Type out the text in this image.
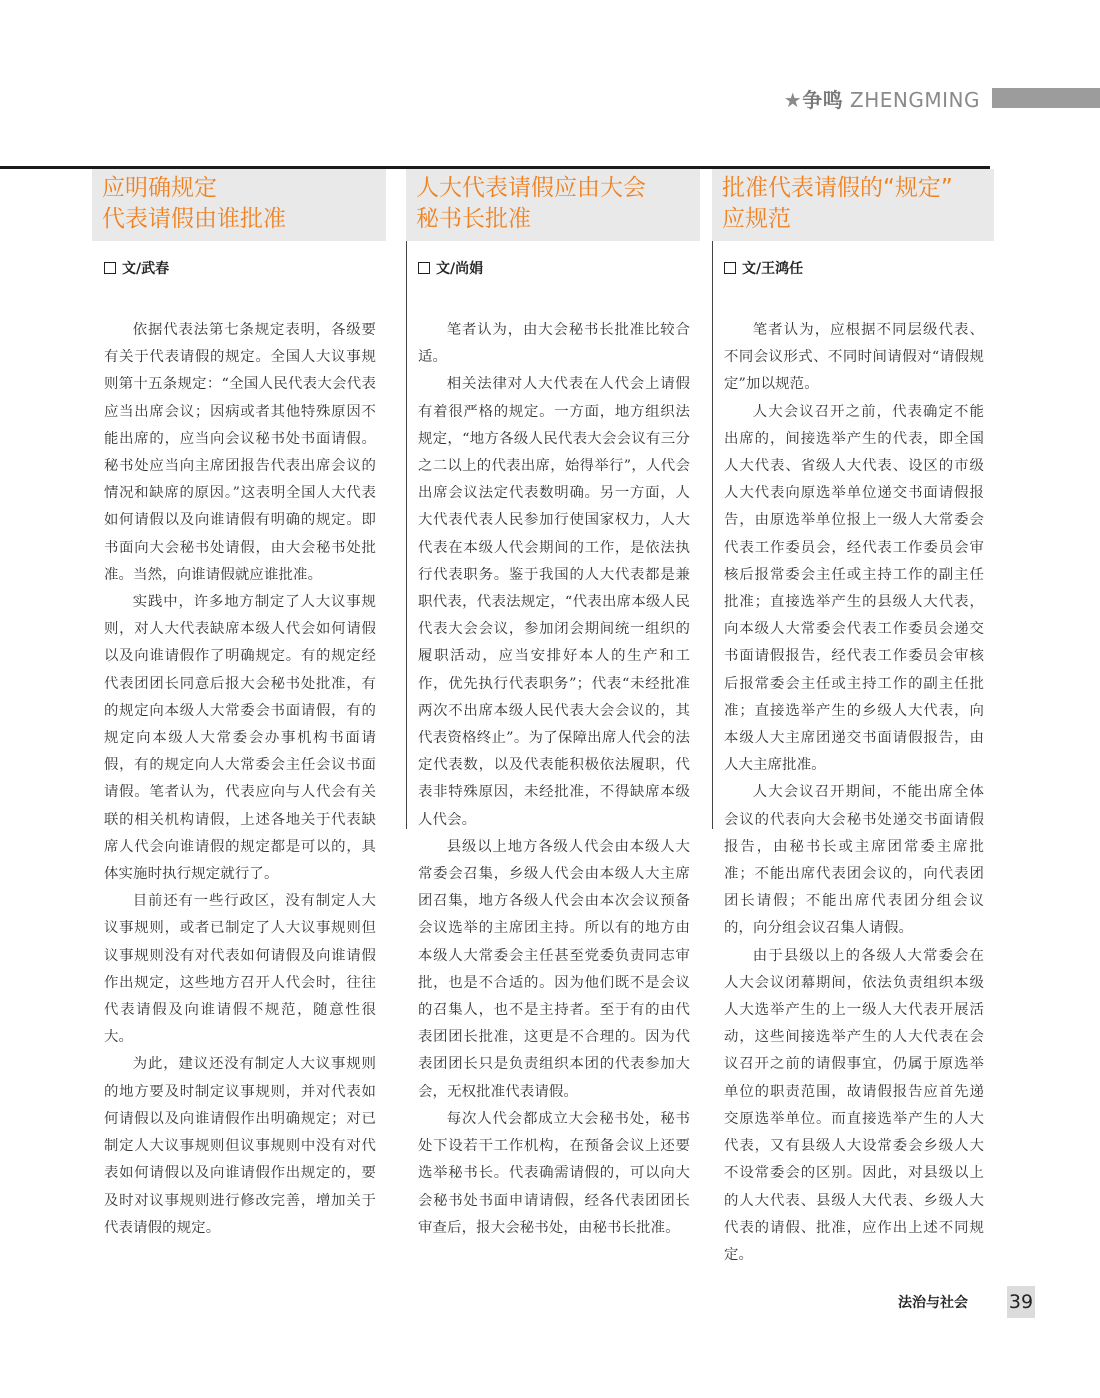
★争鸣 ZHENGMING
应明确规定
代表请假由谁批准
文/武春

依据代表法第七条规定表明，各级要有关于代表请假的规定。全国人大议事规则第十五条规定：“全国人民代表大会代表应当出席会议；因病或者其他特殊原因不能出席的，应当向会议秘书处书面请假。秘书处应当向主席团报告代表出席会议的情况和缺席的原因。”这表明全国人大代表如何请假以及向谁请假有明确的规定。即书面向大会秘书处请假，由大会秘书处批准。当然，向谁请假就应谁批准。

实践中，许多地方制定了人大议事规则，对人大代表缺席本级人代会如何请假以及向谁请假作了明确规定。有的规定经代表团团长同意后报大会秘书处批准，有的规定向本级人大常委会书面请假，有的规定向本级人大常委会办事机构书面请假，有的规定向人大常委会主任会议书面请假。笔者认为，代表应向与人代会有关联的相关机构请假，上述各地关于代表缺席人代会向谁请假的规定都是可以的，具体实施时执行规定就行了。

目前还有一些行政区，没有制定人大议事规则，或者已制定了人大议事规则但议事规则没有对代表如何请假及向谁请假作出规定，这些地方召开人代会时，往往代表请假及向谁请假不规范，随意性很大。

为此，建议还没有制定人大议事规则的地方要及时制定议事规则，并对代表如何请假以及向谁请假作出明确规定；对已制定人大议事规则但议事规则中没有对代表如何请假以及向谁请假作出规定的，要及时对议事规则进行修改完善，增加关于代表请假的规定。

人大代表请假应由大会
秘书长批准
文/尚娟

笔者认为，由大会秘书长批准比较合适。

相关法律对人大代表在人代会上请假有着很严格的规定。一方面，地方组织法规定，“地方各级人民代表大会会议有三分之二以上的代表出席，始得举行”，人代会出席会议法定代表数明确。另一方面，人大代表代表人民参加行使国家权力，人大代表在本级人代会期间的工作，是依法执行代表职务。鉴于我国的人大代表都是兼职代表，代表法规定，“代表出席本级人民代表大会会议，参加闭会期间统一组织的履职活动，应当安排好本人的生产和工作，优先执行代表职务”；代表“未经批准两次不出席本级人民代表大会会议的，其代表资格终止”。为了保障出席人代会的法定代表数，以及代表能积极依法履职，代表非特殊原因，未经批准，不得缺席本级人代会。

县级以上地方各级人代会由本级人大常委会召集，乡级人代会由本级人大主席团召集，地方各级人代会由本次会议预备会议选举的主席团主持。所以有的地方由本级人大常委会主任甚至党委负责同志审批，也是不合适的。因为他们既不是会议的召集人，也不是主持者。至于有的由代表团团长批准，这更是不合理的。因为代表团团长只是负责组织本团的代表参加大会，无权批准代表请假。

每次人代会都成立大会秘书处，秘书处下设若干工作机构，在预备会议上还要选举秘书长。代表确需请假的，可以向大会秘书处书面申请请假，经各代表团团长审查后，报大会秘书处，由秘书长批准。

批准代表请假的“规定”
应规范
文/王鸿任

笔者认为，应根据不同层级代表、不同会议形式、不同时间请假对“请假规定”加以规范。

人大会议召开之前，代表确定不能出席的，间接选举产生的代表，即全国人大代表、省级人大代表、设区的市级人大代表向原选举单位递交书面请假报告，由原选举单位报上一级人大常委会代表工作委员会，经代表工作委员会审核后报常委会主任或主持工作的副主任批准；直接选举产生的县级人大代表，向本级人大常委会代表工作委员会递交书面请假报告，经代表工作委员会审核后报常委会主任或主持工作的副主任批准；直接选举产生的乡级人大代表，向本级人大主席团递交书面请假报告，由人大主席批准。

人大会议召开期间，不能出席全体会议的代表向大会秘书处递交书面请假报告，由秘书长或主席团常委主席批准；不能出席代表团会议的，向代表团团长请假；不能出席代表团分组会议的，向分组会议召集人请假。

由于县级以上的各级人大常委会在人大会议闭幕期间，依法负责组织本级人大选举产生的上一级人大代表开展活动，这些间接选举产生的人大代表在会议召开之前的请假事宜，仍属于原选举单位的职责范围，故请假报告应首先递交原选举单位。而直接选举产生的人大代表，又有县级人大设常委会乡级人大不设常委会的区别。因此，对县级以上的人大代表、县级人大代表、乡级人大代表的请假、批准，应作出上述不同规定。

法治与社会 39
